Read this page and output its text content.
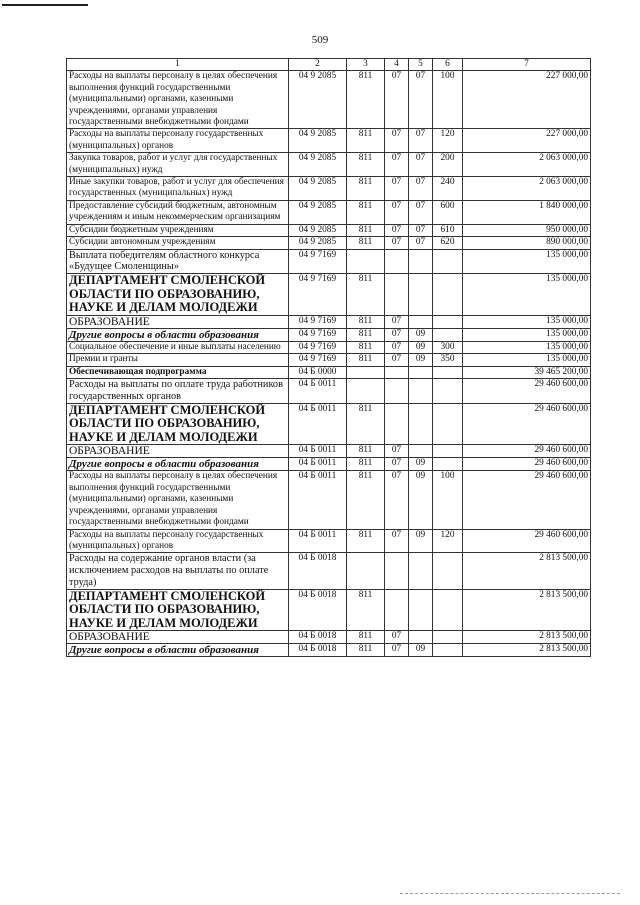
509
1	2	3	4	5	6	7
Расходы на выплаты персоналу в целях обеспечения выполнения функций государственными (муниципальными) органами, казенными учреждениями, органами управления государственными внебюджетными фондами	04 9 2085	811	07	07	100	227 000,00
Расходы на выплаты персоналу государственных (муниципальных) органов	04 9 2085	811	07	07	120	227 000,00
Закупка товаров, работ и услуг для государственных (муниципальных) нужд	04 9 2085	811	07	07	200	2 063 000,00
Иные закупки товаров, работ и услуг для обеспечения государственных (муниципальных) нужд	04 9 2085	811	07	07	240	2 063 000,00
Предоставление субсидий бюджетным, автономным учреждениям и иным некоммерческим организациям	04 9 2085	811	07	07	600	1 840 000,00
Субсидии бюджетным учреждениям	04 9 2085	811	07	07	610	950 000,00
Субсидии автономным учреждениям	04 9 2085	811	07	07	620	890 000,00
Выплата победителям областного конкурса «Будущее Смоленщины»	04 9 7169					135 000,00
ДЕПАРТАМЕНТ СМОЛЕНСКОЙ ОБЛАСТИ ПО ОБРАЗОВАНИЮ, НАУКЕ И ДЕЛАМ МОЛОДЕЖИ	04 9 7169	811				135 000,00
ОБРАЗОВАНИЕ	04 9 7169	811	07			135 000,00
Другие вопросы в области образования	04 9 7169	811	07	09		135 000,00
Социальное обеспечение и иные выплаты населению	04 9 7169	811	07	09	300	135 000,00
Премии и гранты	04 9 7169	811	07	09	350	135 000,00
Обеспечивающая подпрограмма	04 Б 0000					39 465 200,00
Расходы на выплаты по оплате труда работников государственных органов	04 Б 0011					29 460 600,00
ДЕПАРТАМЕНТ СМОЛЕНСКОЙ ОБЛАСТИ ПО ОБРАЗОВАНИЮ, НАУКЕ И ДЕЛАМ МОЛОДЕЖИ	04 Б 0011	811				29 460 600,00
ОБРАЗОВАНИЕ	04 Б 0011	811	07			29 460 600,00
Другие вопросы в области образования	04 Б 0011	811	07	09		29 460 600,00
Расходы на выплаты персоналу в целях обеспечения выполнения функций государственными (муниципальными) органами, казенными учреждениями, органами управления государственными внебюджетными фондами	04 Б 0011	811	07	09	100	29 460 600,00
Расходы на выплаты персоналу государственных (муниципальных) органов	04 Б 0011	811	07	09	120	29 460 600,00
Расходы на содержание органов власти (за исключением расходов на выплаты по оплате труда)	04 Б 0018					2 813 500,00
ДЕПАРТАМЕНТ СМОЛЕНСКОЙ ОБЛАСТИ ПО ОБРАЗОВАНИЮ, НАУКЕ И ДЕЛАМ МОЛОДЕЖИ	04 Б 0018	811				2 813 500,00
ОБРАЗОВАНИЕ	04 Б 0018	811	07			2 813 500,00
Другие вопросы в области образования	04 Б 0018	811	07	09		2 813 500,00
